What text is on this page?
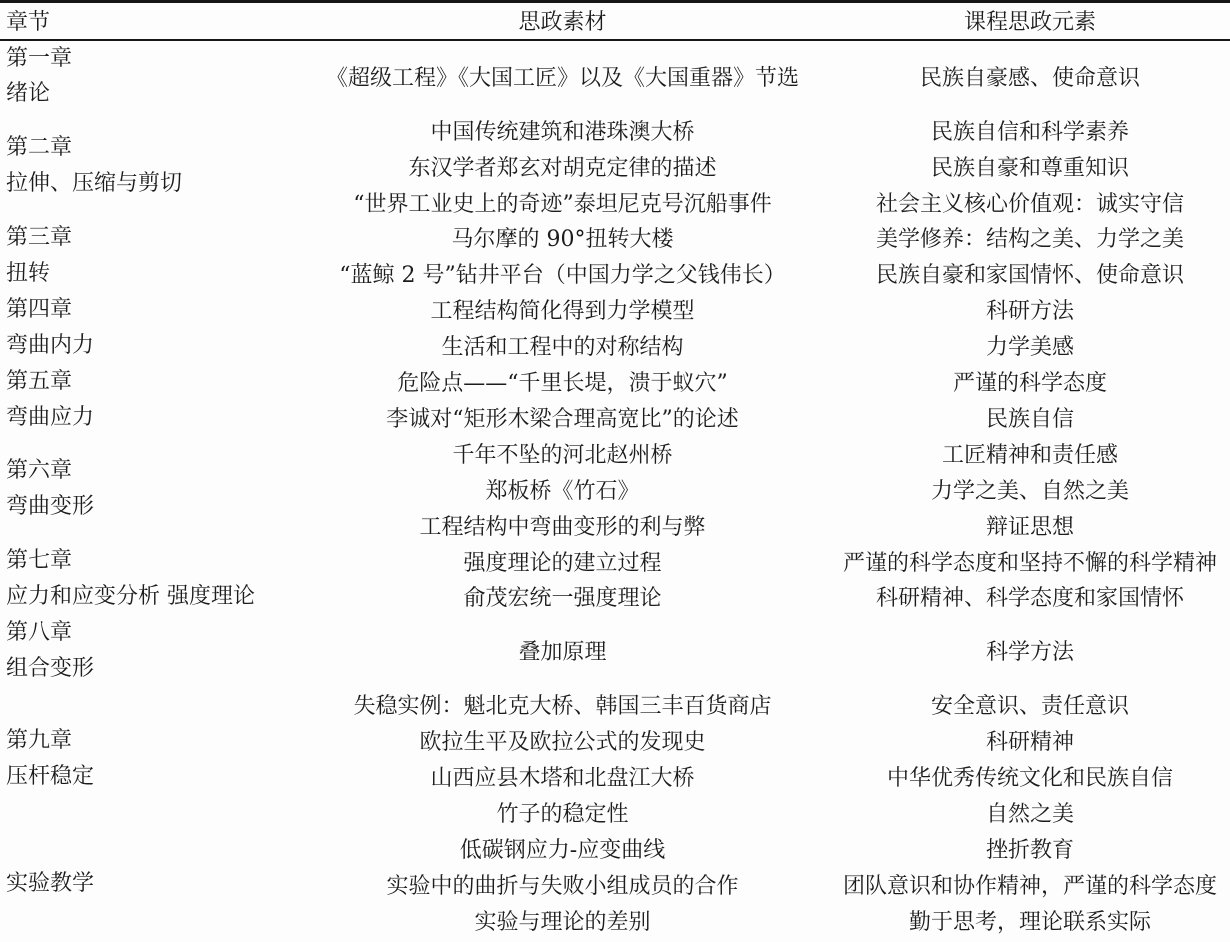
章节	思政素材	课程思政元素

第一章
绪论	《超级工程》《大国工匠》以及《大国重器》节选	民族自豪感、使命意识

第二章
拉伸、压缩与剪切	中国传统建筑和港珠澳大桥	民族自信和科学素养
	东汉学者郑玄对胡克定律的描述	民族自豪和尊重知识
	“世界工业史上的奇迹”泰坦尼克号沉船事件	社会主义核心价值观：诚实守信

第三章
扭转	马尔摩的 90°扭转大楼	美学修养：结构之美、力学之美
	“蓝鲸 2 号”钻井平台（中国力学之父钱伟长）	民族自豪和家国情怀、使命意识

第四章
弯曲内力	工程结构简化得到力学模型	科研方法
	生活和工程中的对称结构	力学美感

第五章
弯曲应力	危险点——“千里长堤，溃于蚁穴”	严谨的科学态度
	李诚对“矩形木梁合理高宽比”的论述	民族自信

第六章
弯曲变形	千年不坠的河北赵州桥	工匠精神和责任感
	郑板桥《竹石》	力学之美、自然之美
	工程结构中弯曲变形的利与弊	辩证思想

第七章
应力和应变分析 强度理论	强度理论的建立过程	严谨的科学态度和坚持不懈的科学精神
	俞茂宏统一强度理论	科研精神、科学态度和家国情怀

第八章
组合变形	叠加原理	科学方法

第九章
压杆稳定	失稳实例：魁北克大桥、韩国三丰百货商店	安全意识、责任意识
	欧拉生平及欧拉公式的发现史	科研精神
	山西应县木塔和北盘江大桥	中华优秀传统文化和民族自信
	竹子的稳定性	自然之美

实验教学	低碳钢应力-应变曲线	挫折教育
	实验中的曲折与失败小组成员的合作	团队意识和协作精神，严谨的科学态度
	实验与理论的差别	勤于思考，理论联系实际
